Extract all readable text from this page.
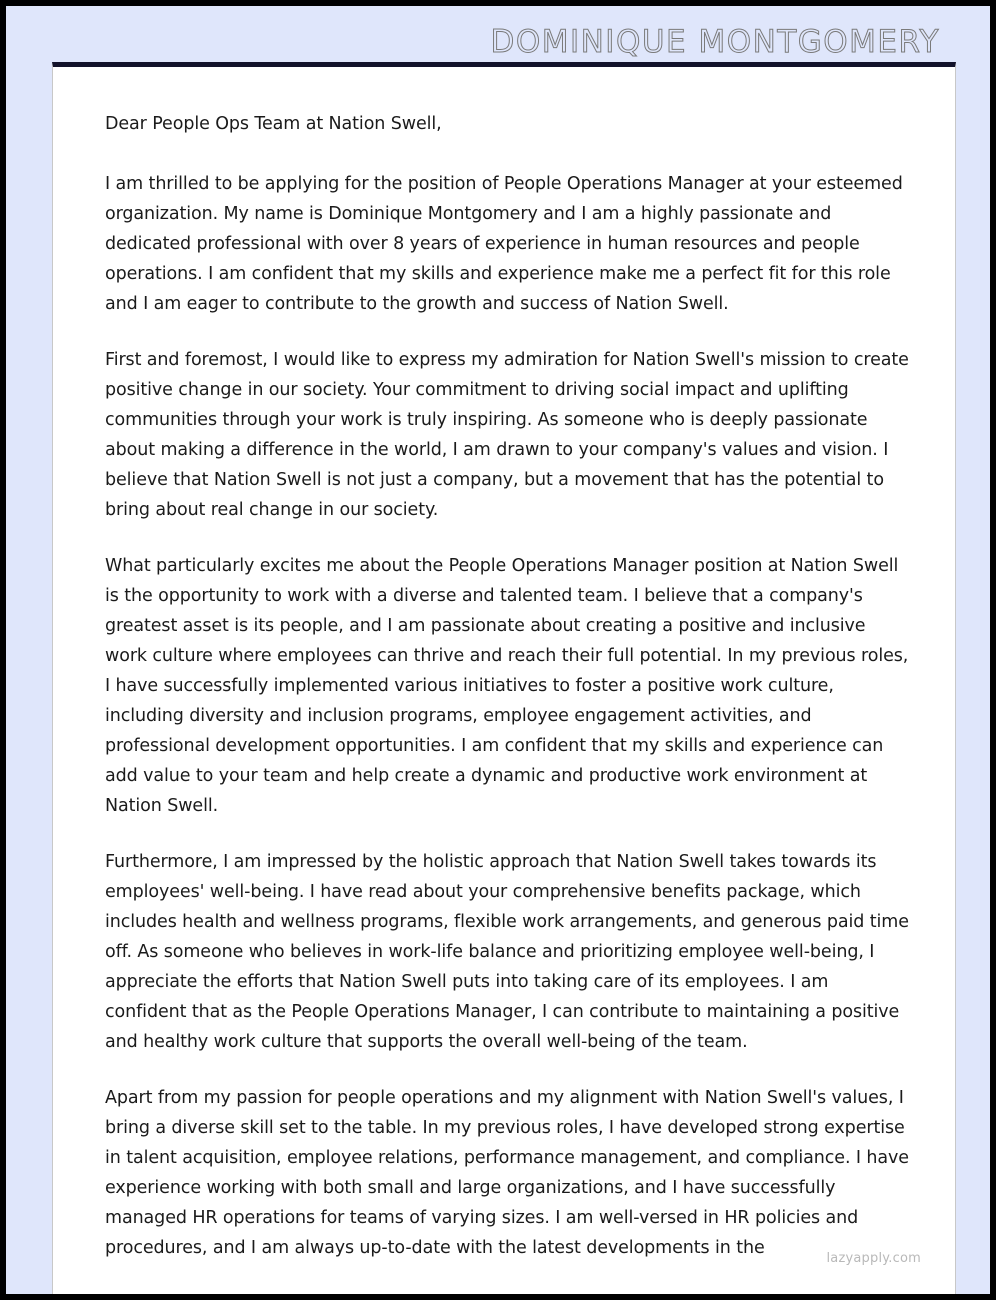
DOMINIQUE MONTGOMERY

Dear People Ops Team at Nation Swell,

I am thrilled to be applying for the position of People Operations Manager at your esteemed organization. My name is Dominique Montgomery and I am a highly passionate and dedicated professional with over 8 years of experience in human resources and people operations. I am confident that my skills and experience make me a perfect fit for this role and I am eager to contribute to the growth and success of Nation Swell.

First and foremost, I would like to express my admiration for Nation Swell's mission to create positive change in our society. Your commitment to driving social impact and uplifting communities through your work is truly inspiring. As someone who is deeply passionate about making a difference in the world, I am drawn to your company's values and vision. I believe that Nation Swell is not just a company, but a movement that has the potential to bring about real change in our society.

What particularly excites me about the People Operations Manager position at Nation Swell is the opportunity to work with a diverse and talented team. I believe that a company's greatest asset is its people, and I am passionate about creating a positive and inclusive work culture where employees can thrive and reach their full potential. In my previous roles, I have successfully implemented various initiatives to foster a positive work culture, including diversity and inclusion programs, employee engagement activities, and professional development opportunities. I am confident that my skills and experience can add value to your team and help create a dynamic and productive work environment at Nation Swell.

Furthermore, I am impressed by the holistic approach that Nation Swell takes towards its employees' well-being. I have read about your comprehensive benefits package, which includes health and wellness programs, flexible work arrangements, and generous paid time off. As someone who believes in work-life balance and prioritizing employee well-being, I appreciate the efforts that Nation Swell puts into taking care of its employees. I am confident that as the People Operations Manager, I can contribute to maintaining a positive and healthy work culture that supports the overall well-being of the team.

Apart from my passion for people operations and my alignment with Nation Swell's values, I bring a diverse skill set to the table. In my previous roles, I have developed strong expertise in talent acquisition, employee relations, performance management, and compliance. I have experience working with both small and large organizations, and I have successfully managed HR operations for teams of varying sizes. I am well-versed in HR policies and procedures, and I am always up-to-date with the latest developments in the

lazyapply.com
